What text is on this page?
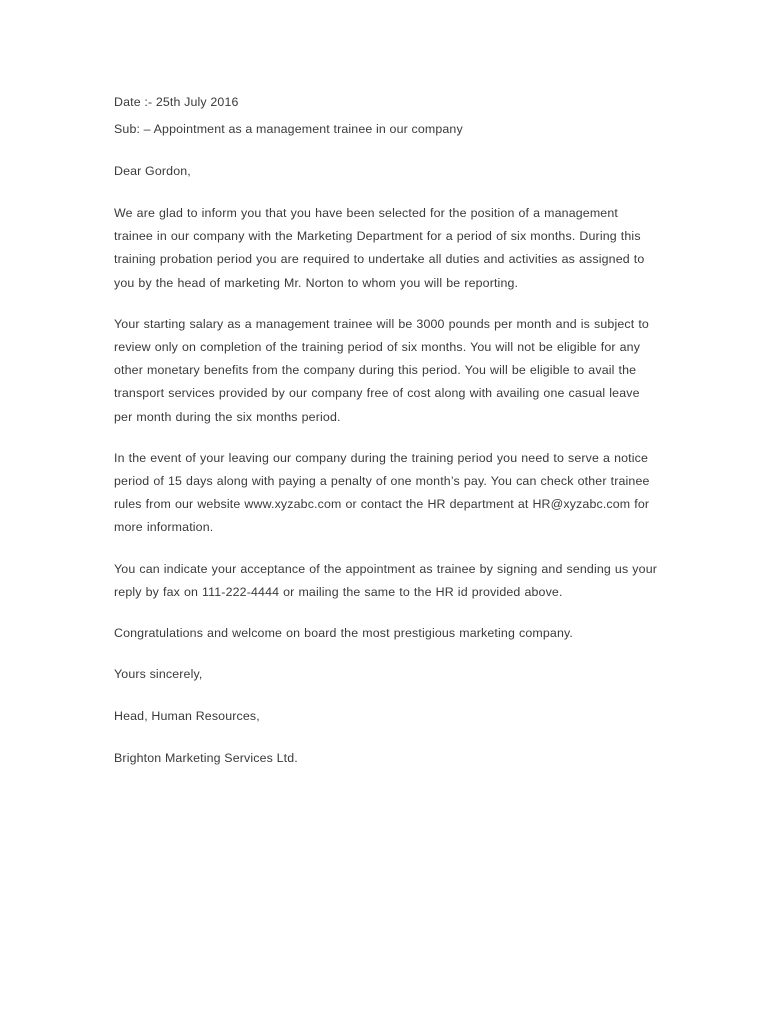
Date :- 25th July 2016

Sub: – Appointment as a management trainee in our company

Dear Gordon,

We are glad to inform you that you have been selected for the position of a management trainee in our company with the Marketing Department for a period of six months. During this training probation period you are required to undertake all duties and activities as assigned to you by the head of marketing Mr. Norton to whom you will be reporting.

Your starting salary as a management trainee will be 3000 pounds per month and is subject to review only on completion of the training period of six months. You will not be eligible for any other monetary benefits from the company during this period. You will be eligible to avail the transport services provided by our company free of cost along with availing one casual leave per month during the six months period.

In the event of your leaving our company during the training period you need to serve a notice period of 15 days along with paying a penalty of one month’s pay. You can check other trainee rules from our website www.xyzabc.com or contact the HR department at HR@xyzabc.com for more information.

You can indicate your acceptance of the appointment as trainee by signing and sending us your reply by fax on 111-222-4444 or mailing the same to the HR id provided above.

Congratulations and welcome on board the most prestigious marketing company.

Yours sincerely,

Head, Human Resources,

Brighton Marketing Services Ltd.
